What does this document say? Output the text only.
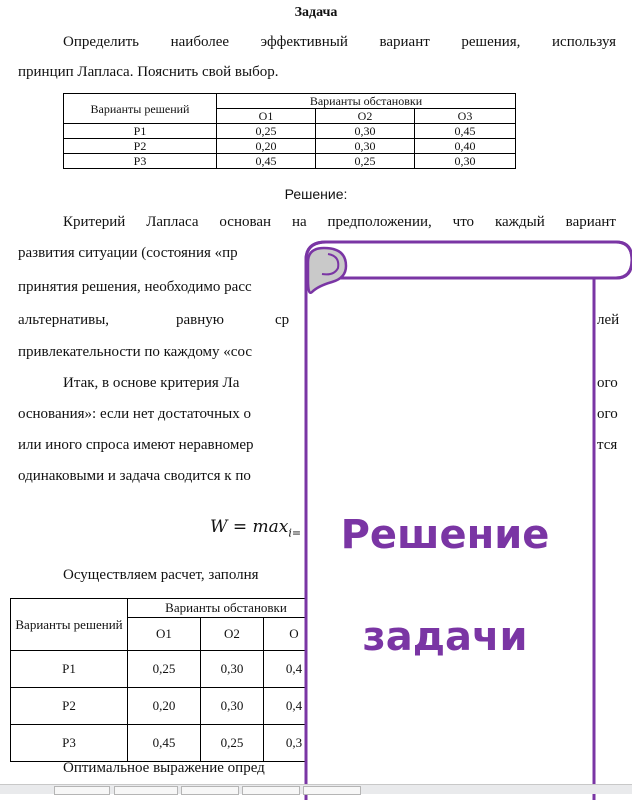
Задача
Определить наиболее эффективный вариант решения, используя
принцип Лапласа. Пояснить свой выбор.
Варианты решений	Варианты обстановки		
	O1	O2	O3
P1	0,25	0,30	0,45
P2	0,20	0,30	0,40
P3	0,45	0,25	0,30
Решение:
Критерий Лапласа основан на предположении, что каждый вариант
развития ситуации (состояния «пр
принятия решения, необходимо расс
альтернативы,	равную	ср	лей
привлекательности по каждому «сос
Итак, в основе критерия Ла	ого
основания»: если нет достаточных о	ого
или иного спроса имеют неравномер	тся
одинаковыми и задача сводится к по
$W = \max_{i=}$
Осуществляем расчет, заполня
Варианты решений	Варианты обстановки		
	O1	O2	O
P1	0,25	0,30	0,4
P2	0,20	0,30	0,4
P3	0,45	0,25	0,3
Оптимальное выражение опред
Решение
задачи
